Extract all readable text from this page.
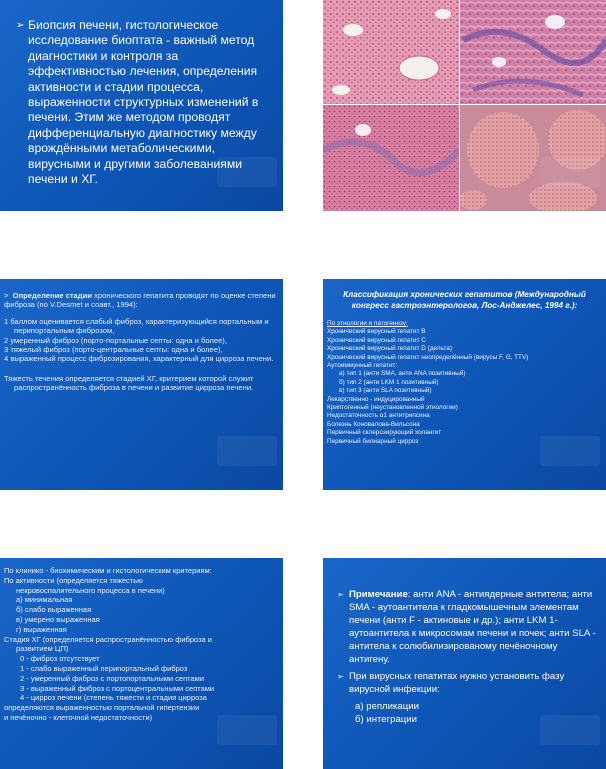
➢ Биопсия печени, гистологическое исследование биоптата - важный метод диагностики и контроля за эффективностью лечения, определения активности и стадии процесса, выраженности структурных изменений в печени. Этим же методом проводят дифференциальную диагностику между врождёнными метаболическими, вирусными и другими заболеваниями печени и ХГ.
> Определение стадии хронического гепатита проводят по оценке степени фиброза (по V.Desmet и соавт., 1994):
1 баллом оценивается слабый фиброз, характеризующийся портальным и перипортальным фиброзом,
2 умеренный фиброз (порто-портальные септы: одна и более),
3 тяжелый фиброз (порто-центральные септы: одна и более),
4 выраженный процесс фиброзирования, характерный для цирроза печени.
Тяжесть течения определяется стадией ХГ, критерием которой служит распространённость фиброза в печени и развитие цирроза печени.
Классификация хронических гепатитов (Международный конгресс гастроэнтерологов, Лос-Анджелес, 1994 г.):
По этиологии и патогенезу:
Хронический вирусный гепатит В
Хронический вирусный гепатит С
Хронический вирусный гепатит D (дельта)
Хронический вирусный гепатит неопределённый (вирусы F, G, TTV)
Аутоиммунный гепатит:
а) тип 1 (анти SMA, анти ANA позитивный)
б) тип 2 (анти LKM 1 позитивный)
в) тип 3 (анти SLA позитивный)
Лекарственно - индуцированный
Криптогенный (неустановленной этиологии)
Недостаточность α1 антитрипсина
Болезнь Коновалова-Вильсона
Первичный склерозирующий холангит
Первичный билиарный цирроз
По клинико - биохимическим и гистологическим критериям:
По активности (определяется тяжестью
некровоспалительного процесса в печени)
а) минимальная
б) слабо выраженная
в) умерено выраженная
г) выраженная
Стадия ХГ (определяется распространённостью фиброза и
развитием ЦП)
0 - фиброз отсутствует
1 - слабо выраженный перипортальный фиброз
2 - умеренный фиброз с портопортальными септами
3 - выраженный фиброз с портоцентральными септами
4 - цирроз печени (степень тяжести и стадия цирроза
определяются выраженностью портальной гипертензии
и печёночно - клеточной недостаточности)
➢ Примечание: анти ANA - антиядерные антитела; анти SMA - аутоантитела к гладкомышечным элементам печени (анти F - актиновые и др.); анти LKM 1- аутоантитела к микросомам печени и почек; анти SLA - антитела к солюбилизированому печёночному антигену.
➢ При вирусных гепатитах нужно установить фазу вирусной инфекции:
а) репликации
б) интеграции
